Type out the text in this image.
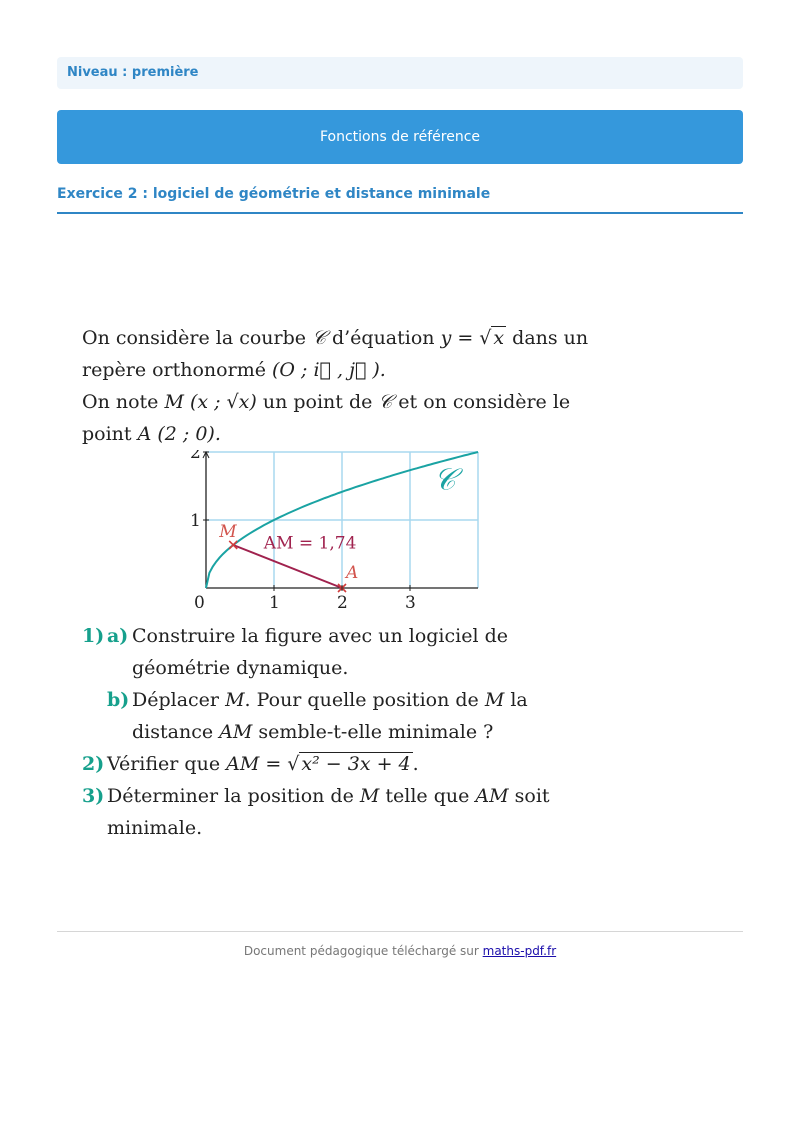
Niveau : première
Fonctions de référence
Exercice 2 : logiciel de géométrie et distance minimale

On considère la courbe 𝒞 d’équation y = √ x dans un

repère orthonormé (O ; i⃗ , j⃗ ).

On note M (x ; √x) un point de 𝒞 et on considère le

point A (2 ; 0).

0	1	2	3
1
2
M
A
AM = 1,74
𝒞
1) a) Construire la figure avec un logiciel de géométrie dynamique.
b) Déplacer M. Pour quelle position de M la distance AM semble-t-elle minimale ?
2) Vérifier que AM = √ x² − 3x + 4 .
3) Déterminer la position de M telle que AM soit minimale.
Document pédagogique téléchargé sur maths-pdf.fr
